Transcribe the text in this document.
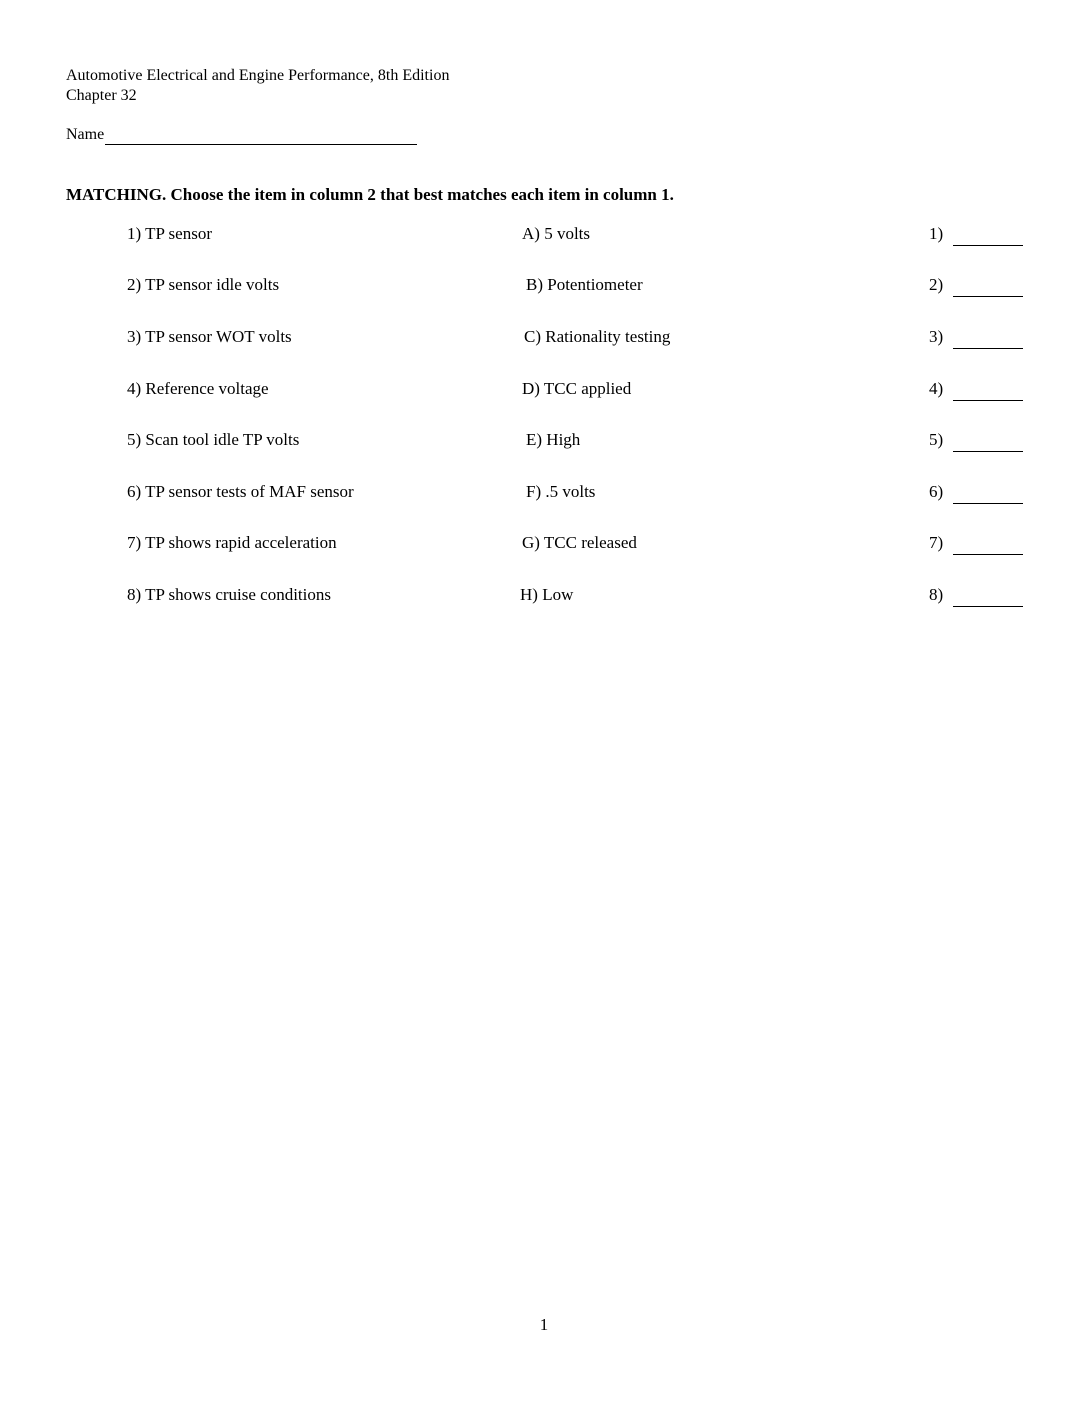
Automotive Electrical and Engine Performance, 8th Edition
Chapter 32
Name
MATCHING. Choose the item in column 2 that best matches each item in column 1.
1) TP sensor	A) 5 volts	1)
2) TP sensor idle volts	B) Potentiometer	2)
3) TP sensor WOT volts	C) Rationality testing	3)
4) Reference voltage	D) TCC applied	4)
5) Scan tool idle TP volts	E) High	5)
6) TP sensor tests of MAF sensor	F) .5 volts	6)
7) TP shows rapid acceleration	G) TCC released	7)
8) TP shows cruise conditions	H) Low	8)
1
